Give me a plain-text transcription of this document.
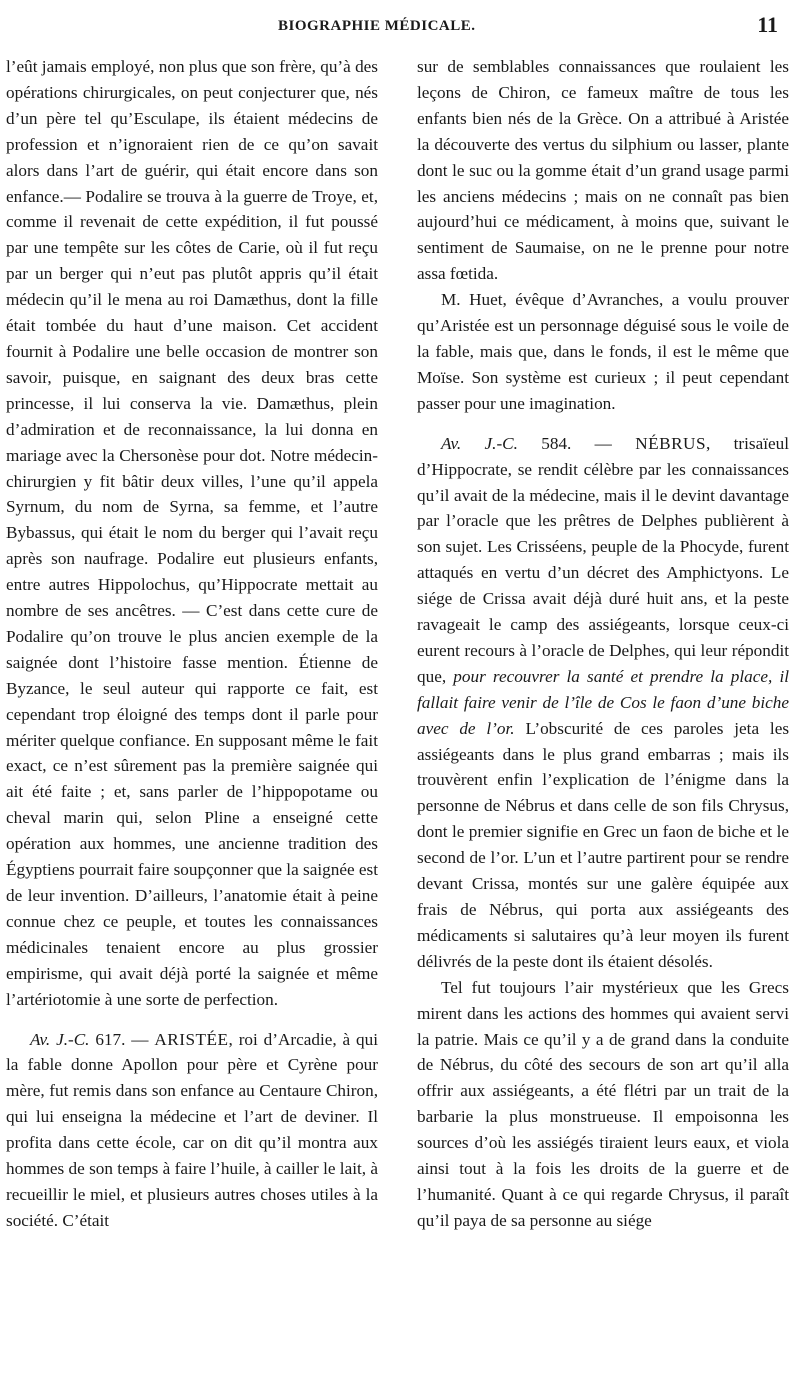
BIOGRAPHIE MÉDICALE.	11

l’eût jamais employé, non plus que son frère, qu’à des opérations chirurgicales, on peut conjecturer que, nés d’un père tel qu’Esculape, ils étaient médecins de profession et n’ignoraient rien de ce qu’on savait alors dans l’art de guérir, qui était encore dans son enfance.— Podalire se trouva à la guerre de Troye, et, comme il revenait de cette expédition, il fut poussé par une tempête sur les côtes de Carie, où il fut reçu par un berger qui n’eut pas plutôt appris qu’il était médecin qu’il le mena au roi Damæthus, dont la fille était tombée du haut d’une maison. Cet accident fournit à Podalire une belle occasion de montrer son savoir, puisque, en saignant des deux bras cette princesse, il lui conserva la vie. Damæthus, plein d’admiration et de reconnaissance, la lui donna en mariage avec la Chersonèse pour dot. Notre médecin-chirurgien y fit bâtir deux villes, l’une qu’il appela Syrnum, du nom de Syrna, sa femme, et l’autre Bybassus, qui était le nom du berger qui l’avait reçu après son naufrage. Podalire eut plusieurs enfants, entre autres Hippolochus, qu’Hippocrate mettait au nombre de ses ancêtres. — C’est dans cette cure de Podalire qu’on trouve le plus ancien exemple de la saignée dont l’histoire fasse mention. Étienne de Byzance, le seul auteur qui rapporte ce fait, est cependant trop éloigné des temps dont il parle pour mériter quelque confiance. En supposant même le fait exact, ce n’est sûrement pas la première saignée qui ait été faite ; et, sans parler de l’hippopotame ou cheval marin qui, selon Pline a enseigné cette opération aux hommes, une ancienne tradition des Égyptiens pourrait faire soupçonner que la saignée est de leur invention. D’ailleurs, l’anatomie était à peine connue chez ce peuple, et toutes les connaissances médicinales tenaient encore au plus grossier empirisme, qui avait déjà porté la saignée et même l’artériotomie à une sorte de perfection.

Av. J.-C. 617. — ARISTÉE, roi d’Arcadie, à qui la fable donne Apollon pour père et Cyrène pour mère, fut remis dans son enfance au Centaure Chiron, qui lui enseigna la médecine et l’art de deviner. Il profita dans cette école, car on dit qu’il montra aux hommes de son temps à faire l’huile, à cailler le lait, à recueillir le miel, et plusieurs autres choses utiles à la société. C’était

sur de semblables connaissances que roulaient les leçons de Chiron, ce fameux maître de tous les enfants bien nés de la Grèce. On a attribué à Aristée la découverte des vertus du silphium ou lasser, plante dont le suc ou la gomme était d’un grand usage parmi les anciens médecins ; mais on ne connaît pas bien aujourd’hui ce médicament, à moins que, suivant le sentiment de Saumaise, on ne le prenne pour notre assa fœtida.

M. Huet, évêque d’Avranches, a voulu prouver qu’Aristée est un personnage déguisé sous le voile de la fable, mais que, dans le fonds, il est le même que Moïse. Son système est curieux ; il peut cependant passer pour une imagination.

Av. J.-C. 584. — NÉBRUS, trisaïeul d’Hippocrate, se rendit célèbre par les connaissances qu’il avait de la médecine, mais il le devint davantage par l’oracle que les prêtres de Delphes publièrent à son sujet. Les Crisséens, peuple de la Phocyde, furent attaqués en vertu d’un décret des Amphictyons. Le siége de Crissa avait déjà duré huit ans, et la peste ravageait le camp des assiégeants, lorsque ceux-ci eurent recours à l’oracle de Delphes, qui leur répondit que, pour recouvrer la santé et prendre la place, il fallait faire venir de l’île de Cos le faon d’une biche avec de l’or. L’obscurité de ces paroles jeta les assiégeants dans le plus grand embarras ; mais ils trouvèrent enfin l’explication de l’énigme dans la personne de Nébrus et dans celle de son fils Chrysus, dont le premier signifie en Grec un faon de biche et le second de l’or. L’un et l’autre partirent pour se rendre devant Crissa, montés sur une galère équipée aux frais de Nébrus, qui porta aux assiégeants des médicaments si salutaires qu’à leur moyen ils furent délivrés de la peste dont ils étaient désolés.

Tel fut toujours l’air mystérieux que les Grecs mirent dans les actions des hommes qui avaient servi la patrie. Mais ce qu’il y a de grand dans la conduite de Nébrus, du côté des secours de son art qu’il alla offrir aux assiégeants, a été flétri par un trait de la barbarie la plus monstrueuse. Il empoisonna les sources d’où les assiégés tiraient leurs eaux, et viola ainsi tout à la fois les droits de la guerre et de l’humanité. Quant à ce qui regarde Chrysus, il paraît qu’il paya de sa personne au siége
